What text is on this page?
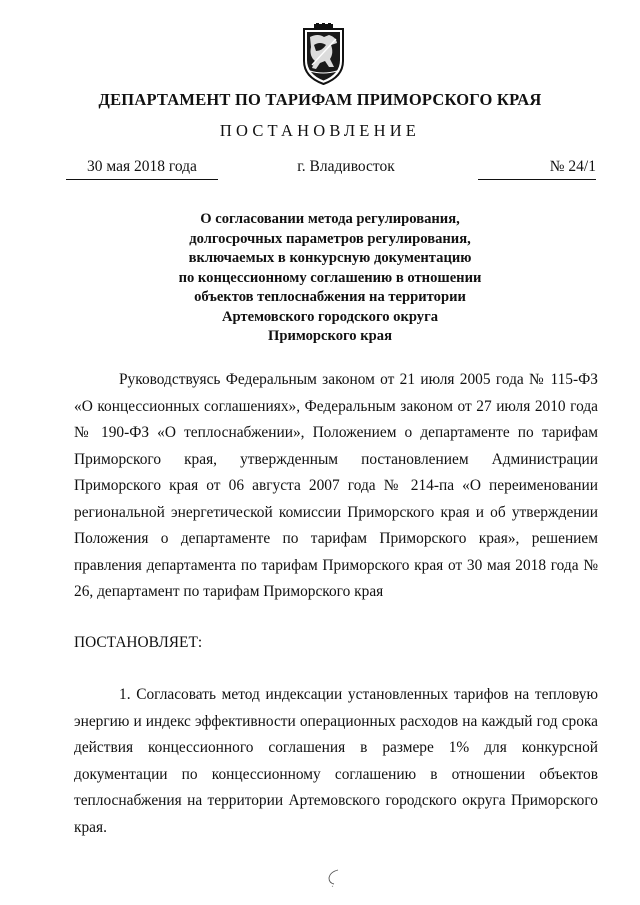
ДЕПАРТАМЕНТ ПО ТАРИФАМ ПРИМОРСКОГО КРАЯ
ПОСТАНОВЛЕНИЕ
30 мая 2018 года	г. Владивосток	№ 24/1
О согласовании метода регулирования,
долгосрочных параметров регулирования,
включаемых в конкурсную документацию
по концессионному соглашению в отношении
объектов теплоснабжения на территории
Артемовского городского округа
Приморского края
Руководствуясь Федеральным законом от 21 июля 2005 года № 115-ФЗ «О концессионных соглашениях», Федеральным законом от 27 июля 2010 года № 190-ФЗ «О теплоснабжении», Положением о департаменте по тарифам Приморского края, утвержденным постановлением Администрации Приморского края от 06 августа 2007 года № 214-па «О переименовании региональной энергетической комиссии Приморского края и об утверждении Положения о департаменте по тарифам Приморского края», решением правления департамента по тарифам Приморского края от 30 мая 2018 года № 26, департамент по тарифам Приморского края
ПОСТАНОВЛЯЕТ:
1. Согласовать метод индексации установленных тарифов на тепловую энергию и индекс эффективности операционных расходов на каждый год срока действия концессионного соглашения в размере 1% для конкурсной документации по концессионному соглашению в отношении объектов теплоснабжения на территории Артемовского городского округа Приморского края.
